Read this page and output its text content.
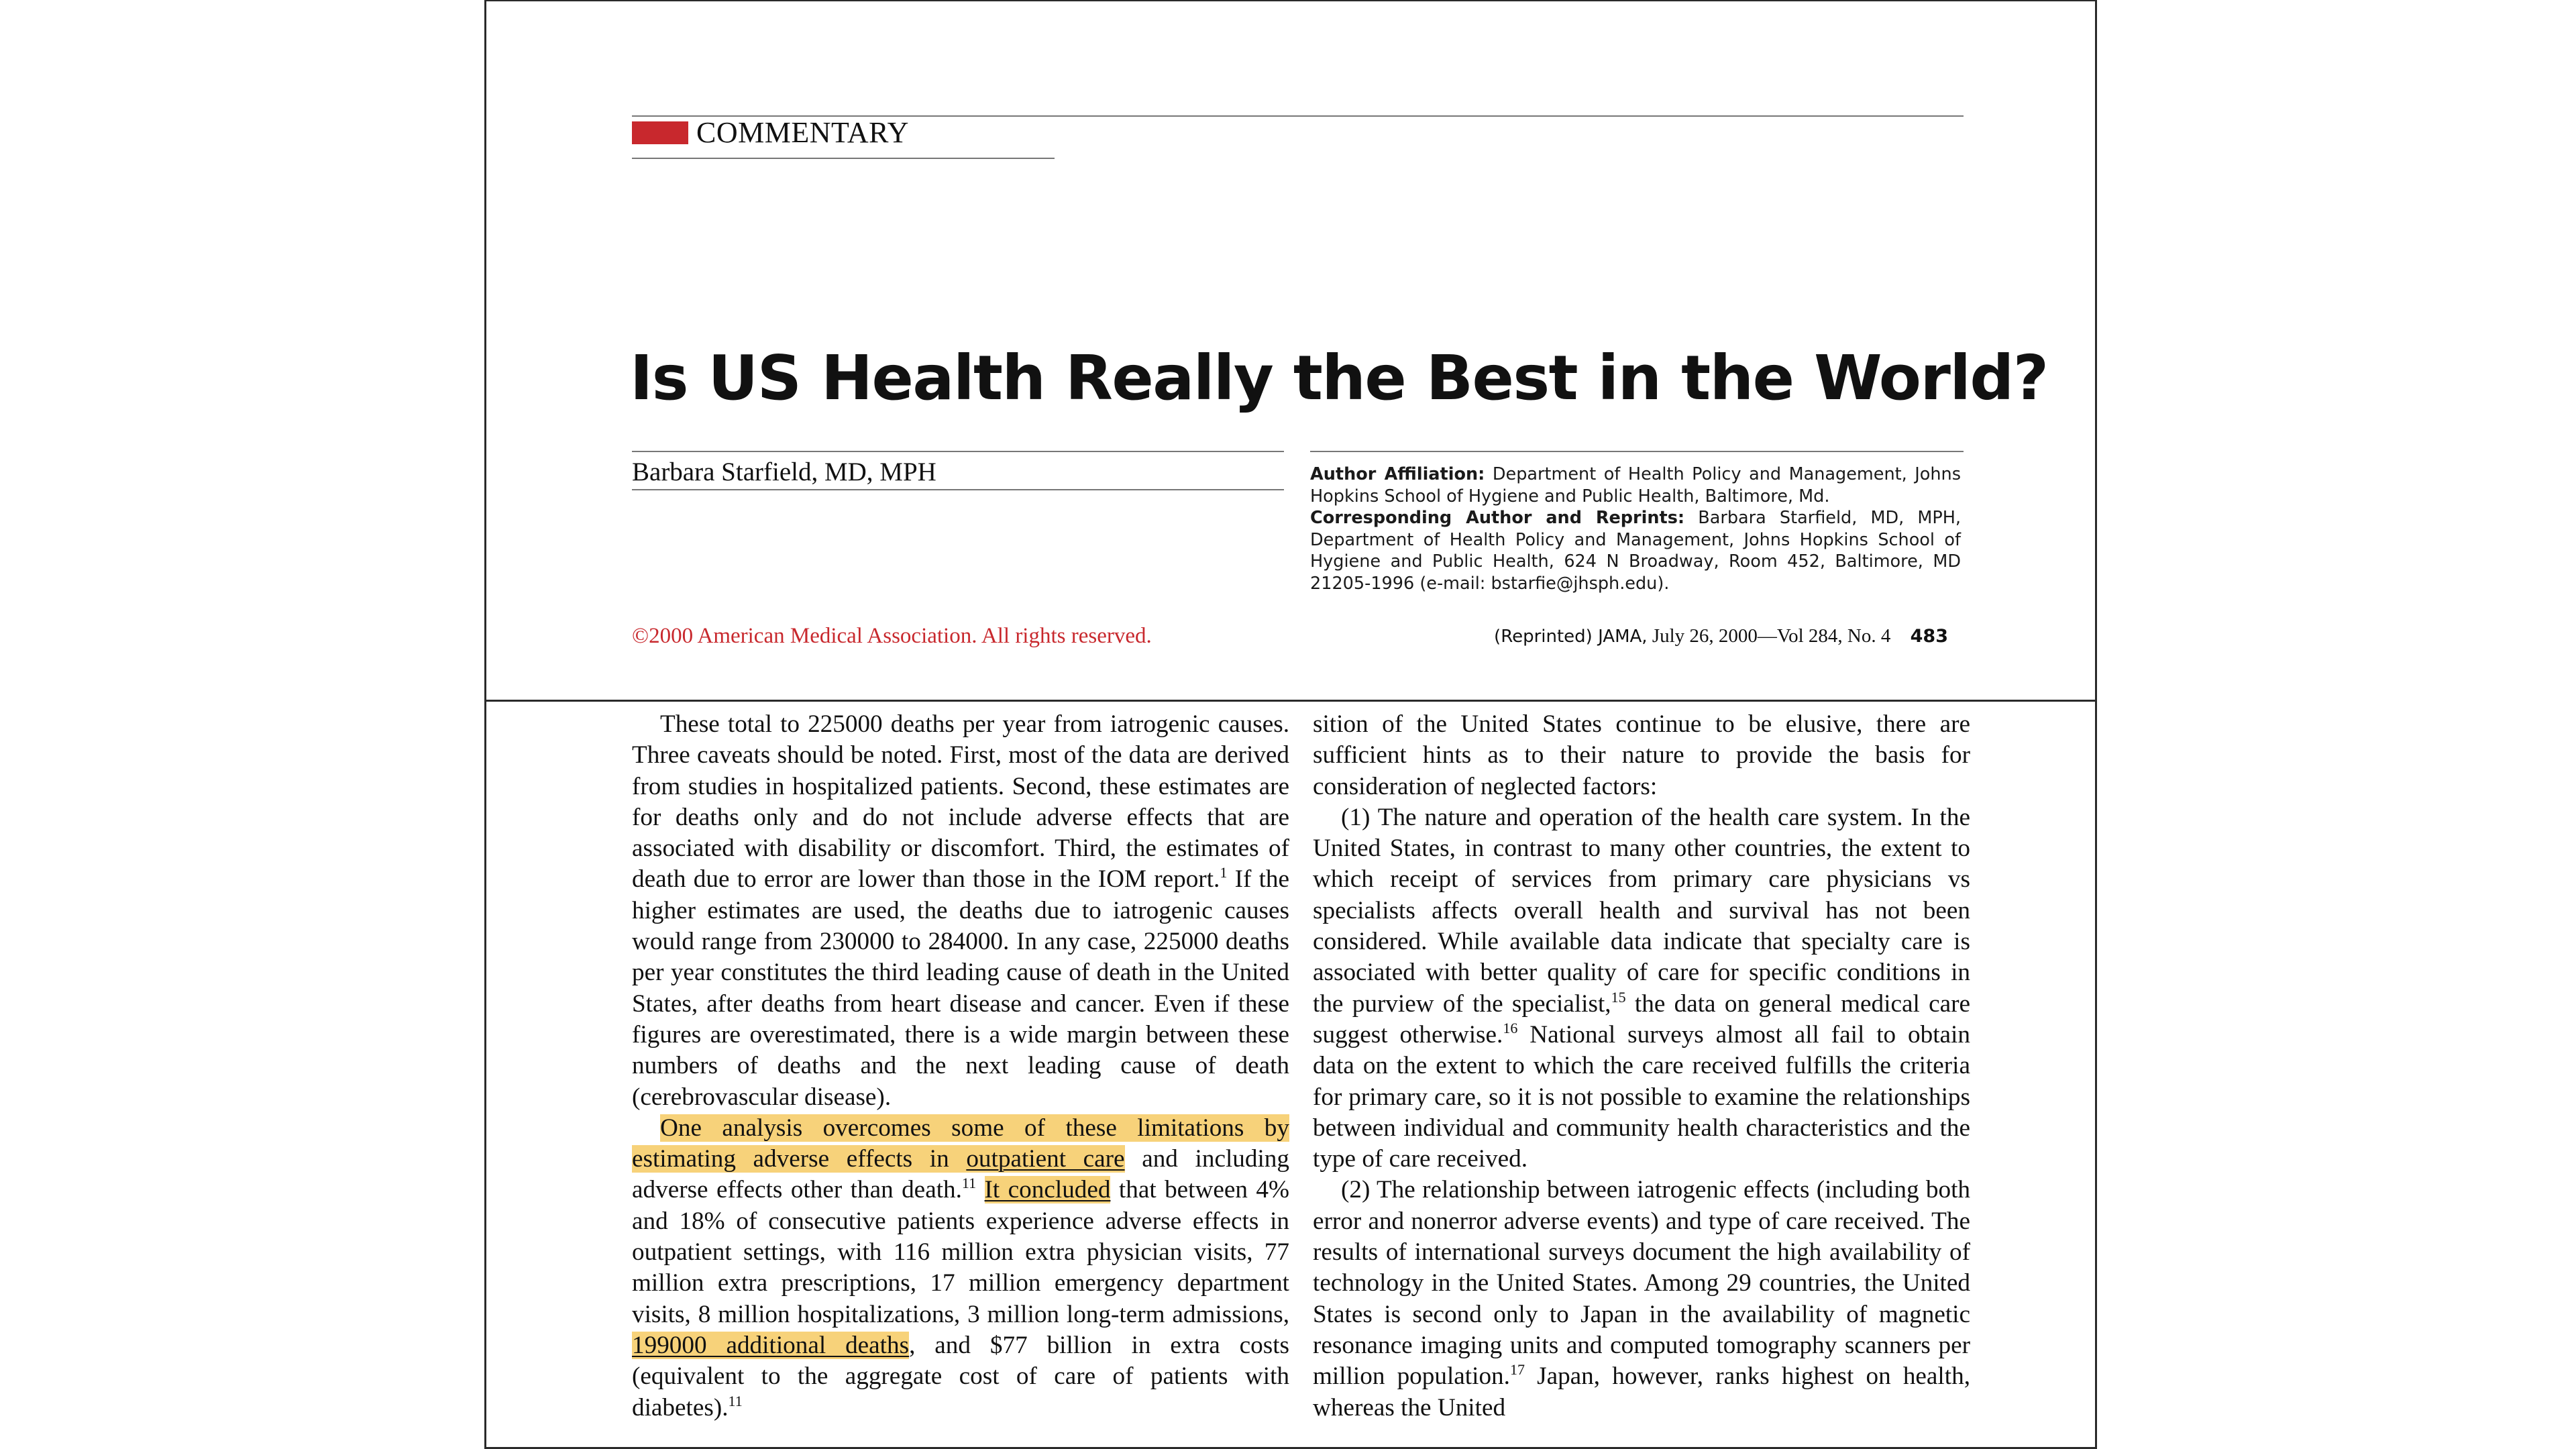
COMMENTARY
Is US Health Really the Best in the World?
Barbara Starfield, MD, MPH	Author Affiliation: Department of Health Policy and Management, Johns Hopkins School of Hygiene and Public Health, Baltimore, Md.
Corresponding Author and Reprints: Barbara Starfield, MD, MPH, Department of Health Policy and Management, Johns Hopkins School of Hygiene and Public Health, 624 N Broadway, Room 452, Baltimore, MD 21205-1996 (e-mail: bstarfie@jhsph.edu).
©2000 American Medical Association. All rights reserved.	(Reprinted) JAMA, July 26, 2000—Vol 284, No. 4 483

These total to 225000 deaths per year from iatrogenic causes. Three caveats should be noted. First, most of the data are derived from studies in hospitalized patients. Second, these estimates are for deaths only and do not include adverse effects that are associated with disability or discomfort. Third, the estimates of death due to error are lower than those in the IOM report.$^1$ If the higher estimates are used, the deaths due to iatrogenic causes would range from 230000 to 284000. In any case, 225000 deaths per year constitutes the third leading cause of death in the United States, after deaths from heart disease and cancer. Even if these figures are overestimated, there is a wide margin between these numbers of deaths and the next leading cause of death (cerebrovascular disease).

One analysis overcomes some of these limitations by estimating adverse effects in outpatient care and including adverse effects other than death.$^{11}$ It concluded that between 4% and 18% of consecutive patients experience adverse effects in outpatient settings, with 116 million extra physician visits, 77 million extra prescriptions, 17 million emergency department visits, 8 million hospitalizations, 3 million long-term admissions, 199000 additional deaths, and $77 billion in extra costs (equivalent to the aggregate cost of care of patients with diabetes).$^{11}$

sition of the United States continue to be elusive, there are sufficient hints as to their nature to provide the basis for consideration of neglected factors:

(1) The nature and operation of the health care system. In the United States, in contrast to many other countries, the extent to which receipt of services from primary care physicians vs specialists affects overall health and survival has not been considered. While available data indicate that specialty care is associated with better quality of care for specific conditions in the purview of the specialist,$^{15}$ the data on general medical care suggest otherwise.$^{16}$ National surveys almost all fail to obtain data on the extent to which the care received fulfills the criteria for primary care, so it is not possible to examine the relationships between individual and community health characteristics and the type of care received.

(2) The relationship between iatrogenic effects (including both error and nonerror adverse events) and type of care received. The results of international surveys document the high availability of technology in the United States. Among 29 countries, the United States is second only to Japan in the availability of magnetic resonance imaging units and computed tomography scanners per million population.$^{17}$ Japan, however, ranks highest on health, whereas the United
